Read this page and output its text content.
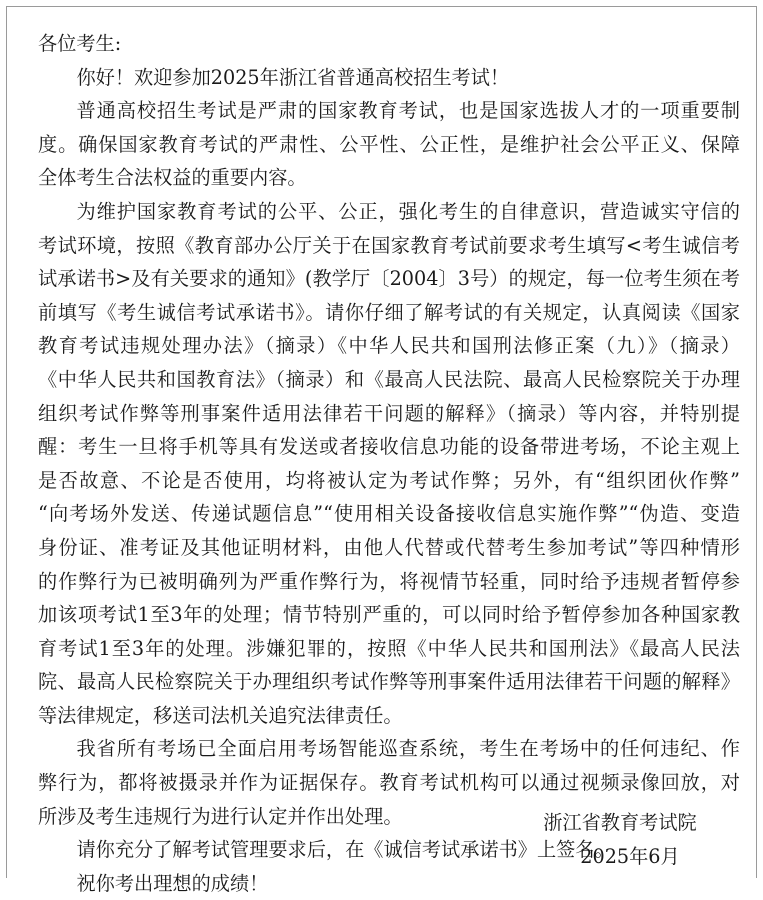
各位考生:
你好！欢迎参加2025年浙江省普通高校招生考试！
普通高校招生考试是严肃的国家教育考试，也是国家选拔人才的一项重要制
度。确保国家教育考试的严肃性、公平性、公正性，是维护社会公平正义、保障
全体考生合法权益的重要内容。
为维护国家教育考试的公平、公正，强化考生的自律意识，营造诚实守信的
考试环境，按照《教育部办公厅关于在国家教育考试前要求考生填写<考生诚信考
试承诺书>及有关要求的通知》(教学厅〔2004〕3号）的规定，每一位考生须在考
前填写《考生诚信考试承诺书》。请你仔细了解考试的有关规定，认真阅读《国家
教育考试违规处理办法》（摘录）《中华人民共和国刑法修正案（九）》（摘录）
《中华人民共和国教育法》（摘录）和《最高人民法院、最高人民检察院关于办理
组织考试作弊等刑事案件适用法律若干问题的解释》（摘录）等内容，并特别提
醒：考生一旦将手机等具有发送或者接收信息功能的设备带进考场，不论主观上
是否故意、不论是否使用，均将被认定为考试作弊；另外，有“组织团伙作弊”
“向考场外发送、传递试题信息”“使用相关设备接收信息实施作弊”“伪造、变造
身份证、准考证及其他证明材料，由他人代替或代替考生参加考试”等四种情形
的作弊行为已被明确列为严重作弊行为，将视情节轻重，同时给予违规者暂停参
加该项考试1至3年的处理；情节特别严重的，可以同时给予暂停参加各种国家教
育考试1至3年的处理。涉嫌犯罪的，按照《中华人民共和国刑法》《最高人民法
院、最高人民检察院关于办理组织考试作弊等刑事案件适用法律若干问题的解释》
等法律规定，移送司法机关追究法律责任。
我省所有考场已全面启用考场智能巡查系统，考生在考场中的任何违纪、作
弊行为，都将被摄录并作为证据保存。教育考试机构可以通过视频录像回放，对
所涉及考生违规行为进行认定并作出处理。
请你充分了解考试管理要求后，在《诚信考试承诺书》上签名。
祝你考出理想的成绩！
浙江省教育考试院
2025年6月
